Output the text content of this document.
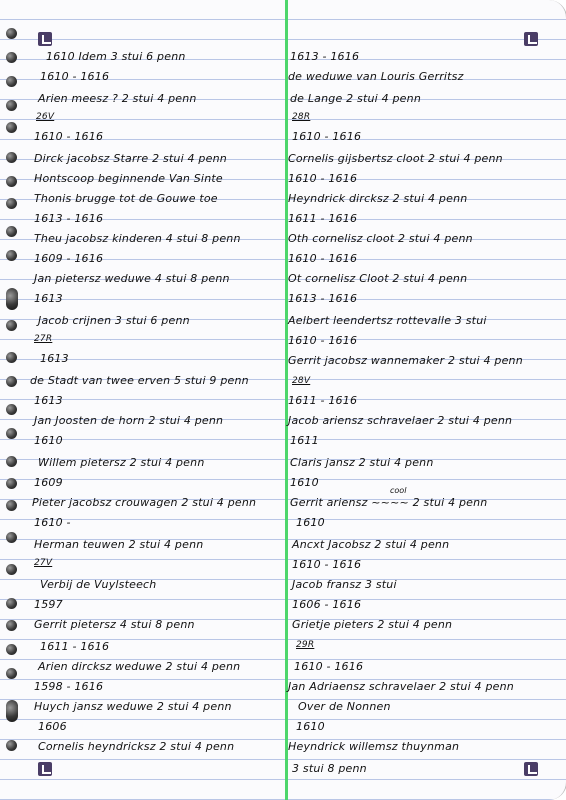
1610 Idem 3 stui 6 penn
1610 - 1616
Arien meesz ? 2 stui 4 penn
26V
1610 - 1616
Dirck jacobsz Starre 2 stui 4 penn
Hontscoop beginnende Van Sinte
Thonis brugge tot de Gouwe toe
1613 - 1616
Theu jacobsz kinderen 4 stui 8 penn
1609 - 1616
Jan pietersz weduwe 4 stui 8 penn
1613
Jacob crijnen 3 stui 6 penn
27R
1613
de Stadt van twee erven 5 stui 9 penn
1613
Jan Joosten de horn 2 stui 4 penn
1610
Willem pietersz 2 stui 4 penn
1609
Pieter jacobsz crouwagen 2 stui 4 penn
1610 -
Herman teuwen 2 stui 4 penn
27V
Verbij de Vuylsteech
1597
Gerrit pietersz 4 stui 8 penn
1611 - 1616
Arien dircksz weduwe 2 stui 4 penn
1598 - 1616
Huych jansz weduwe 2 stui 4 penn
1606
Cornelis heyndricksz 2 stui 4 penn
1613 - 1616
de weduwe van Louris Gerritsz
de Lange 2 stui 4 penn
28R
1610 - 1616
Cornelis gijsbertsz cloot 2 stui 4 penn
1610 - 1616
Heyndrick dircksz 2 stui 4 penn
1611 - 1616
Oth cornelisz cloot 2 stui 4 penn
1610 - 1616
Ot cornelisz Cloot 2 stui 4 penn
1613 - 1616
Aelbert leendertsz rottevalle 3 stui
1610 - 1616
Gerrit jacobsz wannemaker 2 stui 4 penn
28V
1611 - 1616
Jacob ariensz schravelaer 2 stui 4 penn
1611
Claris jansz 2 stui 4 penn
1610
cool
Gerrit ariensz ~~~~ 2 stui 4 penn
1610
Ancxt Jacobsz 2 stui 4 penn
1610 - 1616
Jacob fransz 3 stui
1606 - 1616
Grietje pieters 2 stui 4 penn
29R
1610 - 1616
Jan Adriaensz schravelaer 2 stui 4 penn
Over de Nonnen
1610
Heyndrick willemsz thuynman
3 stui 8 penn
